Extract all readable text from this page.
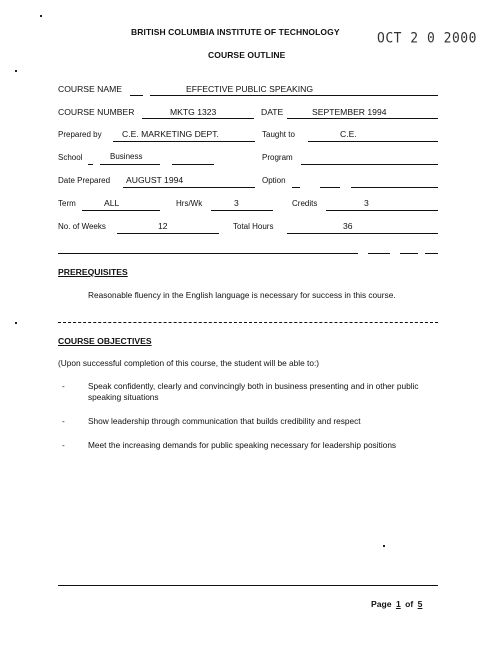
BRITISH COLUMBIA INSTITUTE OF TECHNOLOGY	OCT 2 0 2000
COURSE OUTLINE
COURSE NAME	EFFECTIVE PUBLIC SPEAKING
COURSE NUMBER	MKTG 1323	DATE	SEPTEMBER 1994
Prepared by C.E. MARKETING DEPT.	Taught to	C.E.
School	Business	Program
Date Prepared AUGUST 1994	Option
Term	ALL	Hrs/Wk	3	Credits	3
No. of Weeks	12	Total Hours	36
PREREQUISITES
Reasonable fluency in the English language is necessary for success in this course.
COURSE OBJECTIVES
(Upon successful completion of this course, the student will be able to:)
-	Speak confidently, clearly and convincingly both in business presenting and in other public speaking situations
-	Show leadership through communication that builds credibility and respect
-	Meet the increasing demands for public speaking necessary for leadership positions
Page 1 of 5
